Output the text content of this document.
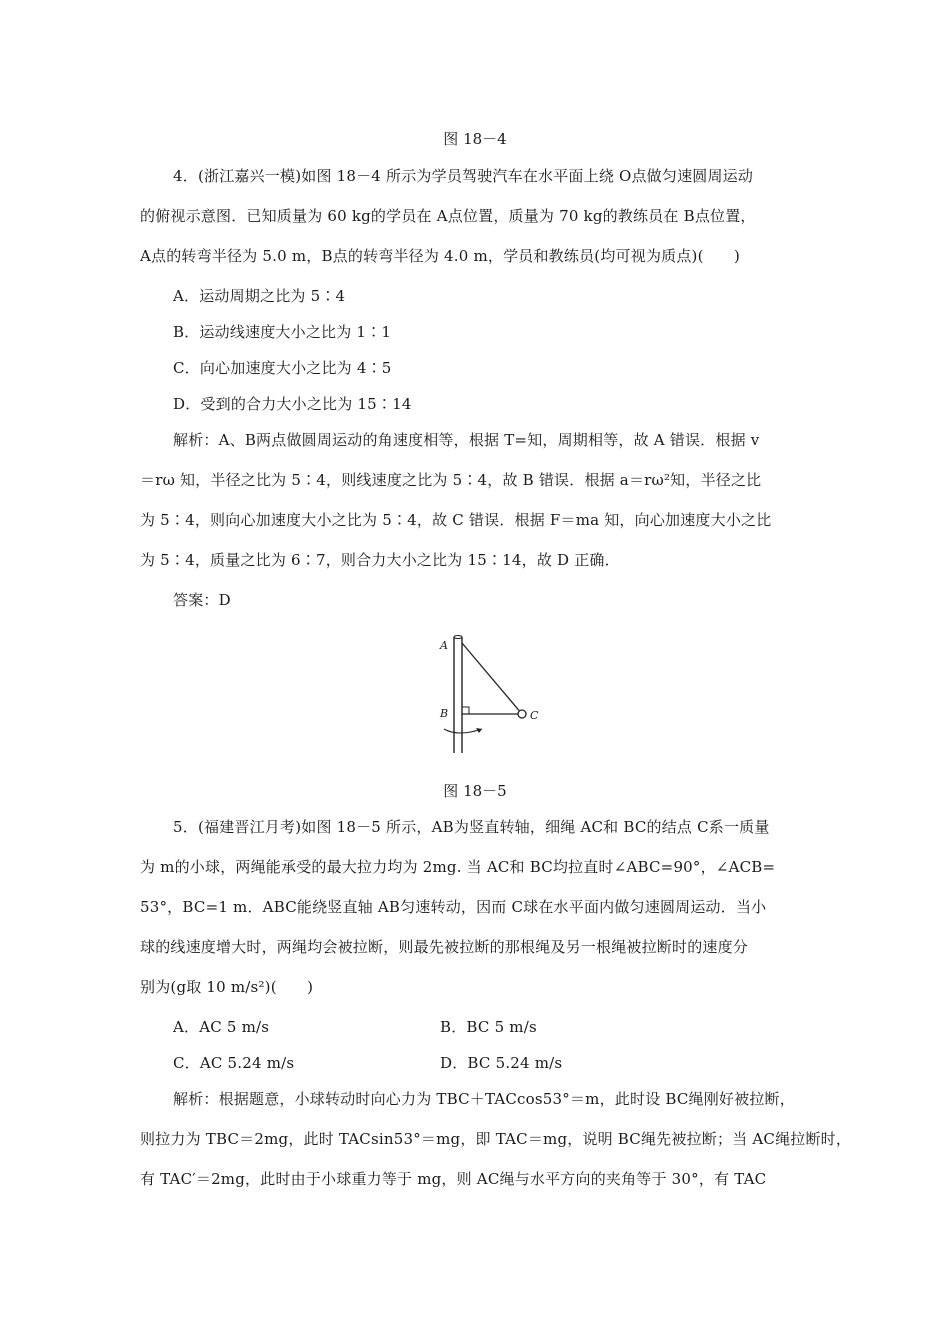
图 18－4
4．(浙江嘉兴一模)如图 18－4 所示为学员驾驶汽车在水平面上绕 O点做匀速圆周运动
的俯视示意图．已知质量为 60 kg的学员在 A点位置，质量为 70 kg的教练员在 B点位置，
A点的转弯半径为 5.0 m，B点的转弯半径为 4.0 m，学员和教练员(均可视为质点)(　　)
A．运动周期之比为 5∶4
B．运动线速度大小之比为 1∶1
C．向心加速度大小之比为 4∶5
D．受到的合力大小之比为 15∶14
解析：A、B两点做圆周运动的角速度相等，根据 T=知，周期相等，故 A 错误．根据 v
＝rω 知，半径之比为 5∶4，则线速度之比为 5∶4，故 B 错误．根据 a＝rω²知，半径之比
为 5∶4，则向心加速度大小之比为 5∶4，故 C 错误．根据 F＝ma 知，向心加速度大小之比
为 5∶4，质量之比为 6∶7，则合力大小之比为 15∶14，故 D 正确．
答案：D
A
B	C
图 18－5
5．(福建晋江月考)如图 18－5 所示，AB为竖直转轴，细绳 AC和 BC的结点 C系一质量
为 m的小球，两绳能承受的最大拉力均为 2mg. 当 AC和 BC均拉直时∠ABC=90°，∠ACB=
53°，BC=1 m．ABC能绕竖直轴 AB匀速转动，因而 C球在水平面内做匀速圆周运动．当小
球的线速度增大时，两绳均会被拉断，则最先被拉断的那根绳及另一根绳被拉断时的速度分
别为(g取 10 m/s²)(　　)
A．AC 5 m/s	B．BC 5 m/s
C．AC 5.24 m/s	D．BC 5.24 m/s
解析：根据题意，小球转动时向心力为 TBC＋TACcos53°＝m，此时设 BC绳刚好被拉断，
则拉力为 TBC＝2mg，此时 TACsin53°＝mg，即 TAC＝mg，说明 BC绳先被拉断；当 AC绳拉断时，
有 TAC′＝2mg，此时由于小球重力等于 mg，则 AC绳与水平方向的夹角等于 30°，有 TAC
